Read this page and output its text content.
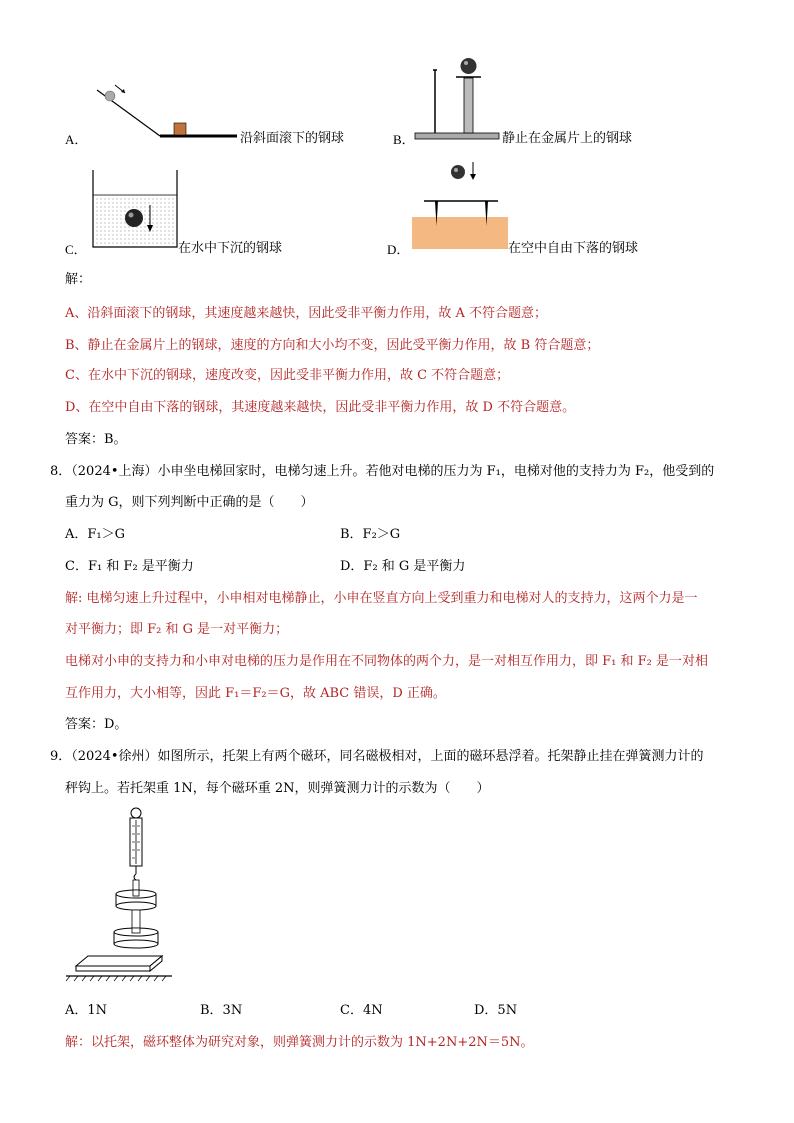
A．	沿斜面滚下的钢球	B．	静止在金属片上的钢球
C．	在水中下沉的钢球	D．	在空中自由下落的钢球
解：
A、沿斜面滚下的钢球，其速度越来越快，因此受非平衡力作用，故 A 不符合题意；
B、静止在金属片上的钢球，速度的方向和大小均不变，因此受平衡力作用，故 B 符合题意；
C、在水中下沉的钢球，速度改变，因此受非平衡力作用，故 C 不符合题意；
D、在空中自由下落的钢球，其速度越来越快，因此受非平衡力作用，故 D 不符合题意。
答案：B。
8．（2024•上海）小申坐电梯回家时，电梯匀速上升。若他对电梯的压力为 F₁，电梯对他的支持力为 F₂，他受到的
重力为 G，则下列判断中正确的是（　　）
A．F₁＞G	B．F₂＞G
C．F₁ 和 F₂ 是平衡力	D．F₂ 和 G 是平衡力
解: 电梯匀速上升过程中，小申相对电梯静止，小申在竖直方向上受到重力和电梯对人的支持力，这两个力是一
对平衡力；即 F₂ 和 G 是一对平衡力；
电梯对小申的支持力和小申对电梯的压力是作用在不同物体的两个力，是一对相互作用力，即 F₁ 和 F₂ 是一对相
互作用力，大小相等，因此 F₁＝F₂＝G，故 ABC 错误，D 正确。
答案：D。
9．（2024•徐州）如图所示，托架上有两个磁环，同名磁极相对，上面的磁环悬浮着。托架静止挂在弹簧测力计的
秤钩上。若托架重 1N，每个磁环重 2N，则弹簧测力计的示数为（　　）
A．1N	B．3N	C．4N	D．5N
解：以托架，磁环整体为研究对象，则弹簧测力计的示数为 1N+2N+2N＝5N。
